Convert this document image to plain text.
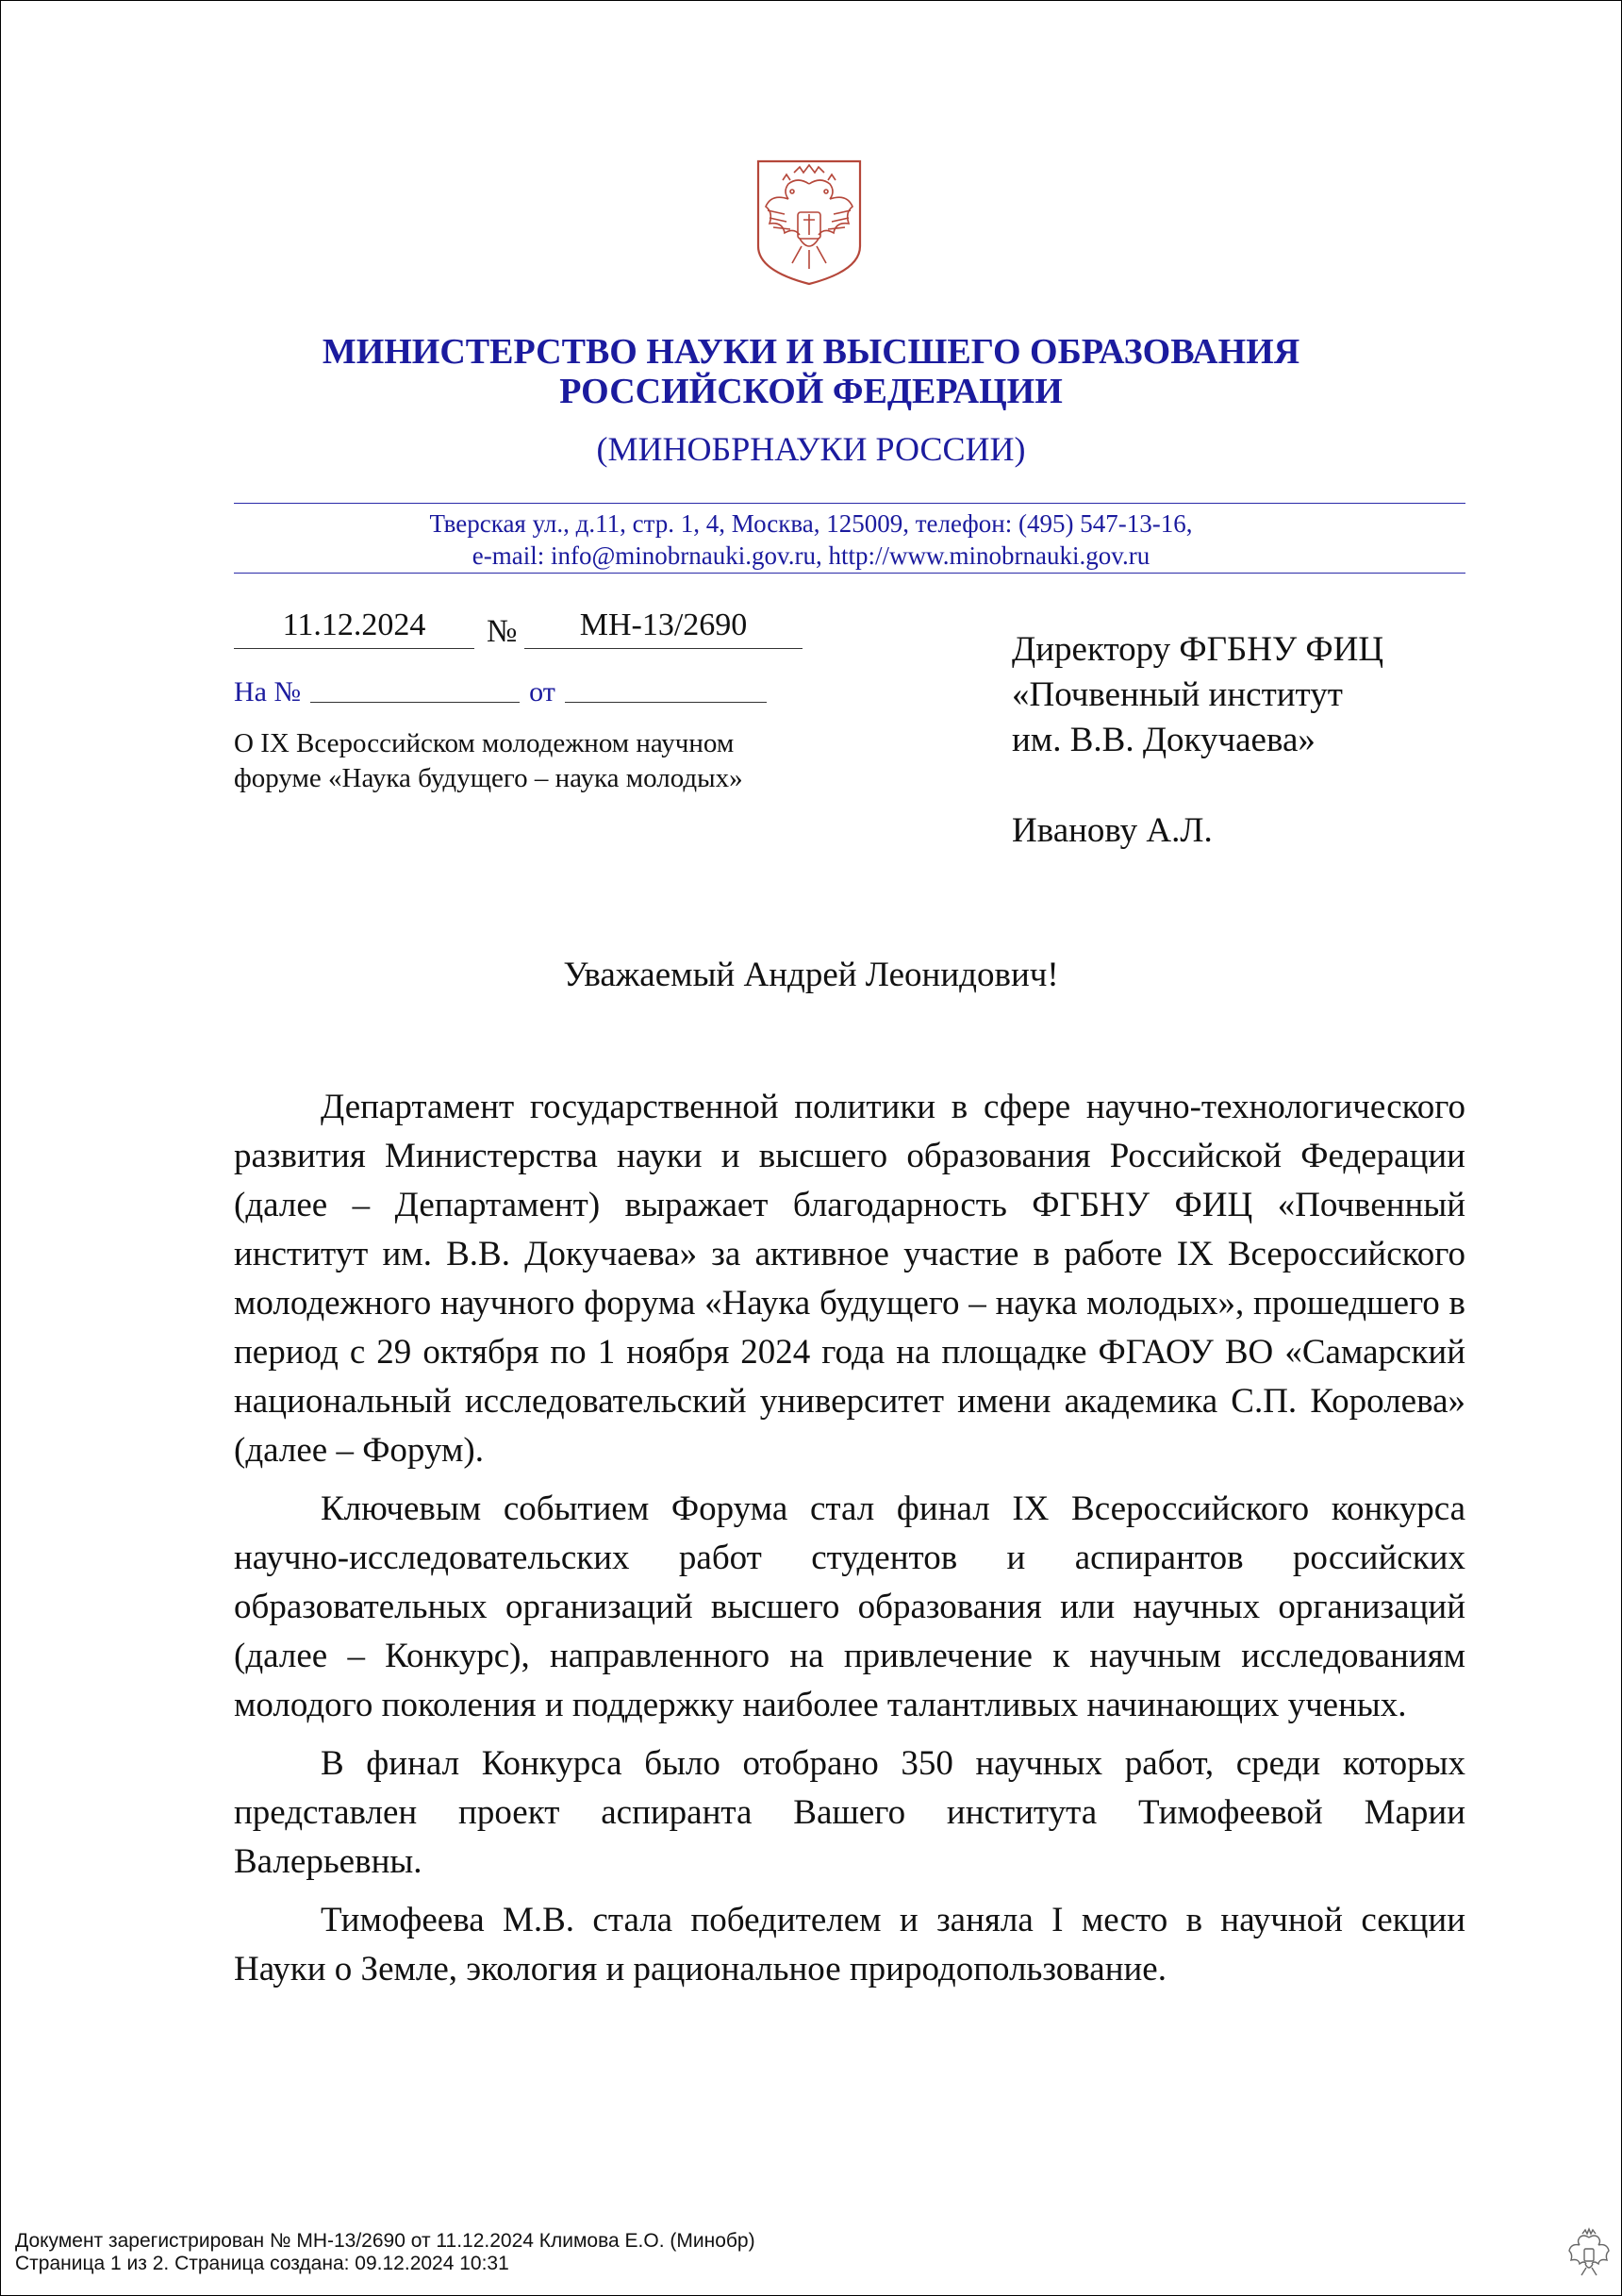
МИНИСТЕРСТВО НАУКИ И ВЫСШЕГО ОБРАЗОВАНИЯ
РОССИЙСКОЙ ФЕДЕРАЦИИ
(МИНОБРНАУКИ РОССИИ)
Тверская ул., д.11, стр. 1, 4, Москва, 125009, телефон: (495) 547-13-16,
e-mail: info@minobrnauki.gov.ru, http://www.minobrnauki.gov.ru
11.12.2024	№	МН-13/2690
На №	от
О IX Всероссийском молодежном научном форуме «Наука будущего – наука молодых»
Директору ФГБНУ ФИЦ
«Почвенный институт
им. В.В. Докучаева»
Иванову А.Л.
Уважаемый Андрей Леонидович!

Департамент государственной политики в сфере научно-технологического развития Министерства науки и высшего образования Российской Федерации (далее – Департамент) выражает благодарность ФГБНУ ФИЦ «Почвенный институт им. В.В. Докучаева» за активное участие в работе IX Всероссийского молодежного научного форума «Наука будущего – наука молодых», прошедшего в период с 29 октября по 1 ноября 2024 года на площадке ФГАОУ ВО «Самарский национальный исследовательский университет имени академика С.П. Королева» (далее – Форум).

Ключевым событием Форума стал финал IX Всероссийского конкурса научно-исследовательских работ студентов и аспирантов российских образовательных организаций высшего образования или научных организаций (далее – Конкурс), направленного на привлечение к научным исследованиям молодого поколения и поддержку наиболее талантливых начинающих ученых.

В финал Конкурса было отобрано 350 научных работ, среди которых представлен проект аспиранта Вашего института Тимофеевой Марии Валерьевны.

Тимофеева М.В. стала победителем и заняла I место в научной секции Науки о Земле, экология и рациональное природопользование.

Документ зарегистрирован № МН-13/2690 от 11.12.2024 Климова Е.О. (Минобр)
Страница 1 из 2. Страница создана: 09.12.2024 10:31
